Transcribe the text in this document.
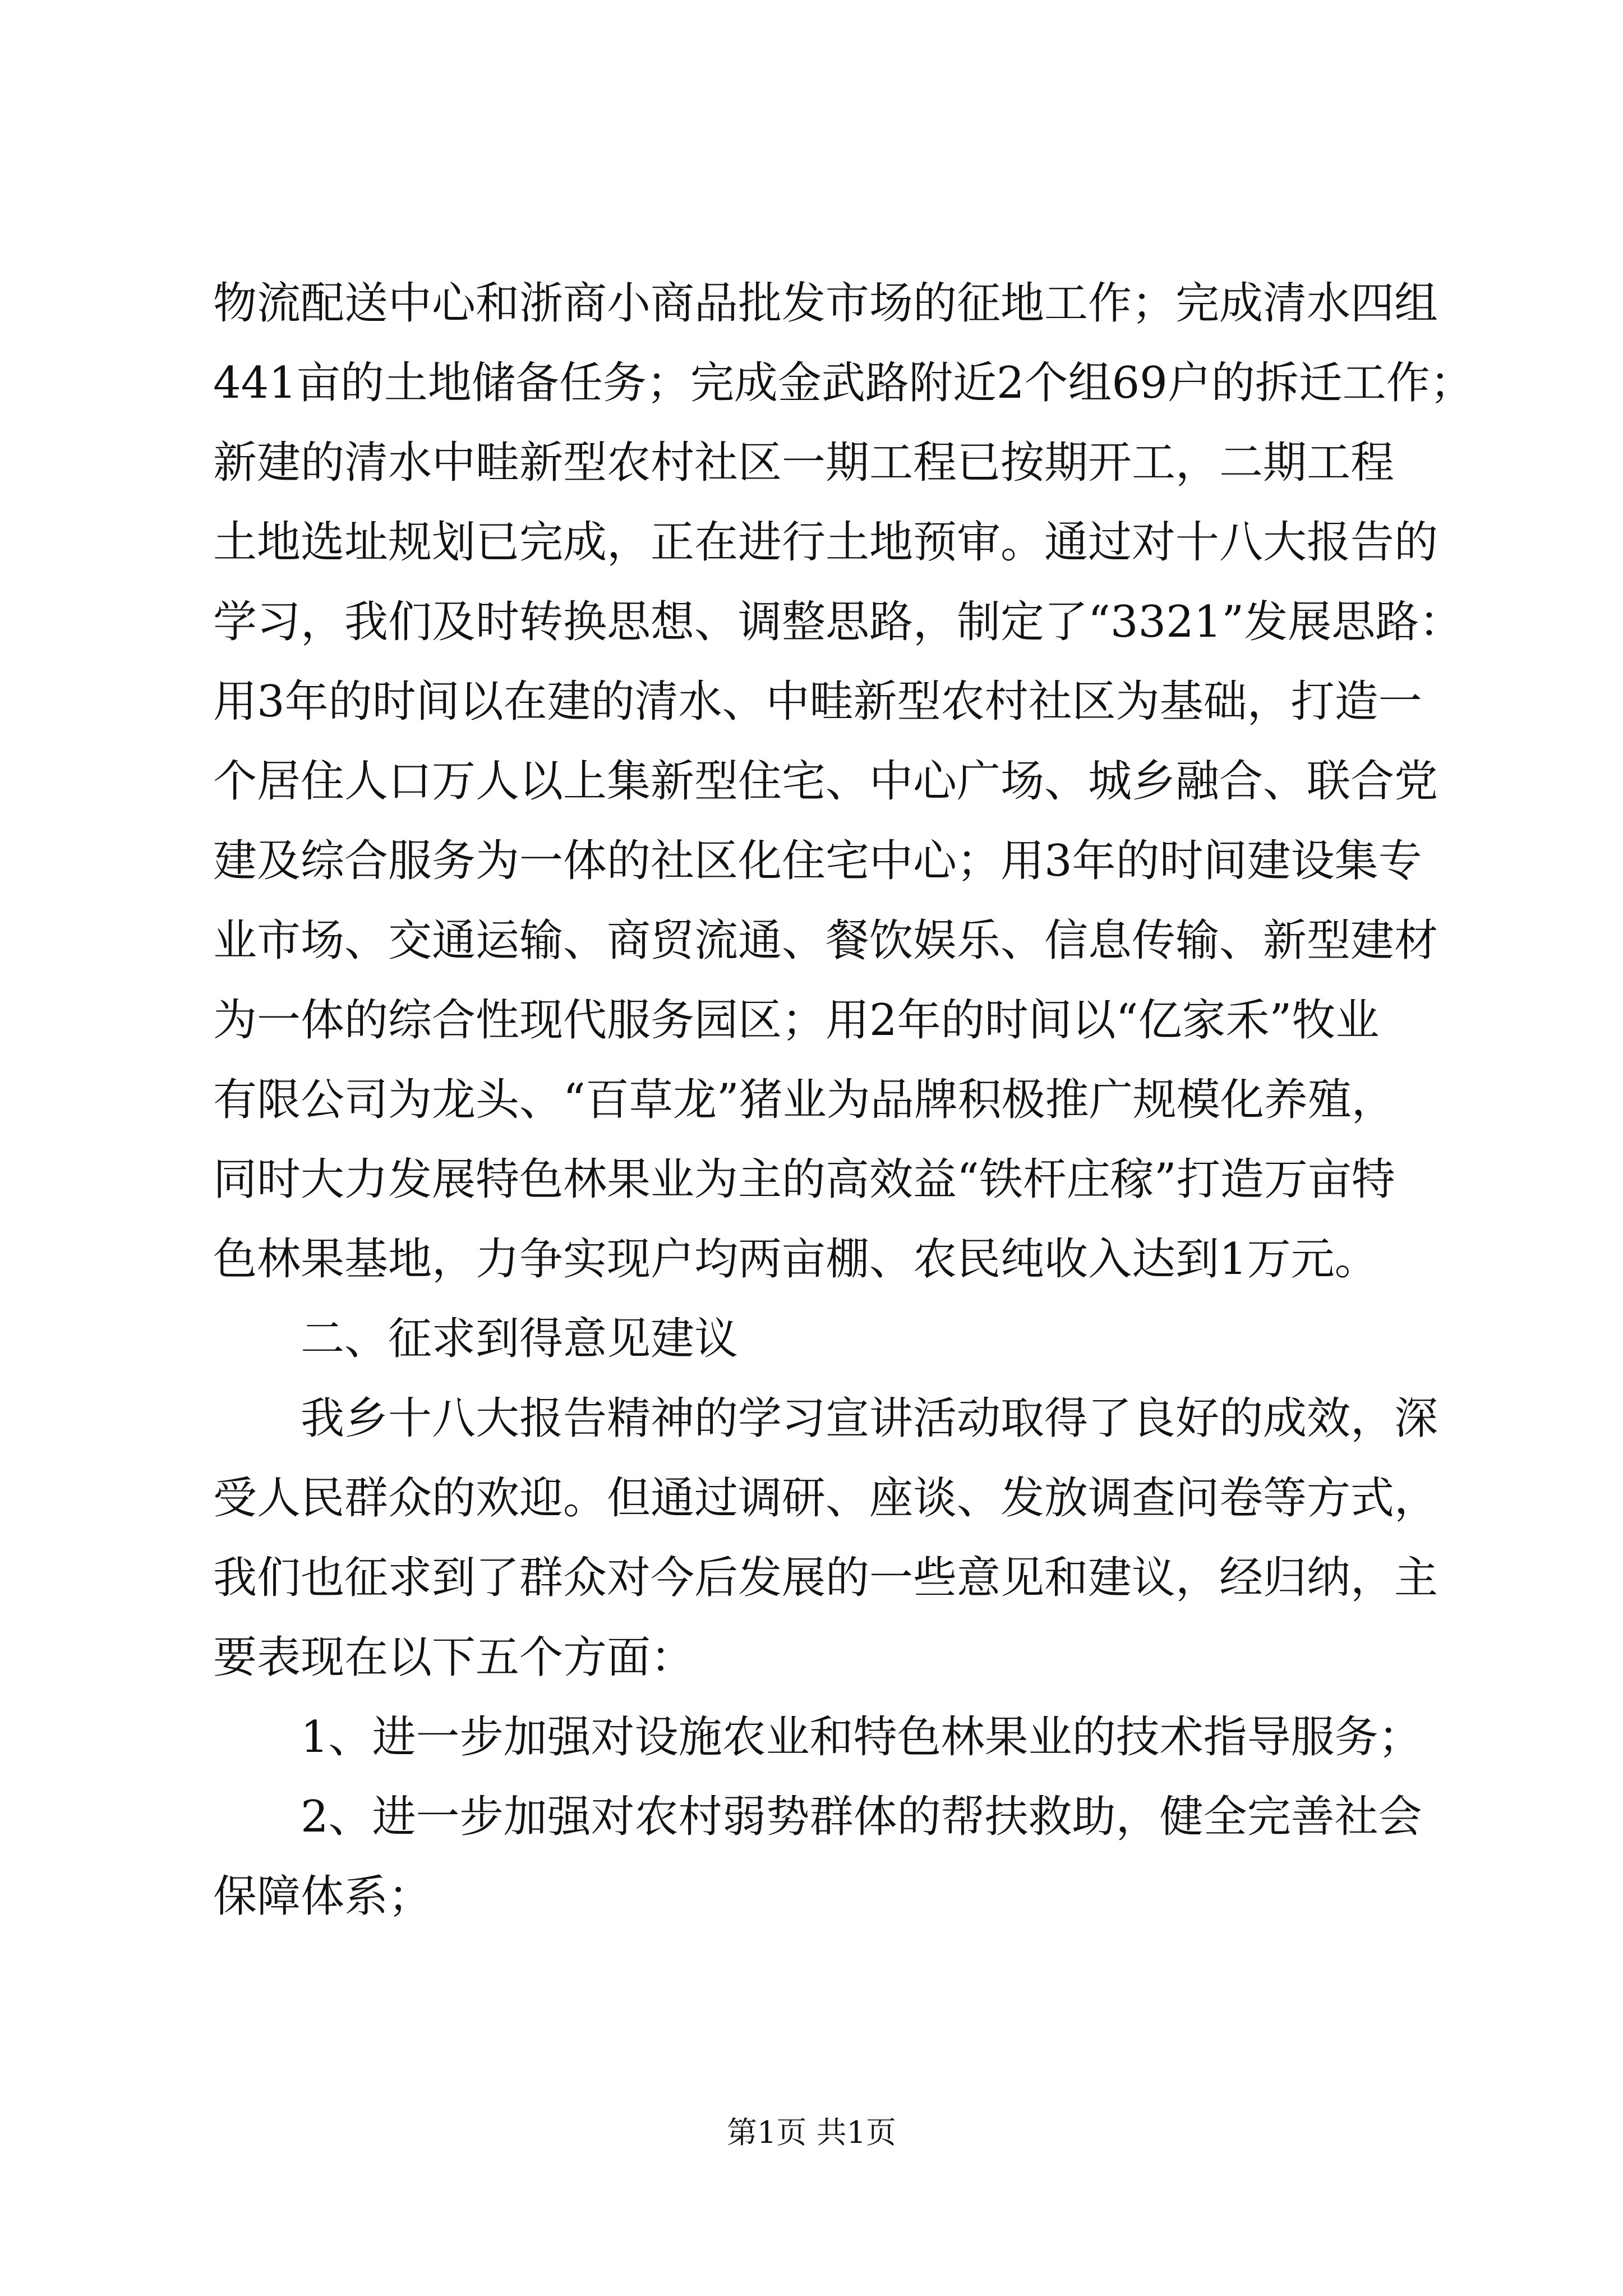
物流配送中心和浙商小商品批发市场的征地工作；完成清水四组
441亩的土地储备任务；完成金武路附近2个组69户的拆迁工作；
新建的清水中畦新型农村社区一期工程已按期开工，二期工程
土地选址规划已完成，正在进行土地预审。通过对十八大报告的
学习，我们及时转换思想、调整思路，制定了“3321”发展思路：
用3年的时间以在建的清水、中畦新型农村社区为基础，打造一
个居住人口万人以上集新型住宅、中心广场、城乡融合、联合党
建及综合服务为一体的社区化住宅中心；用3年的时间建设集专
业市场、交通运输、商贸流通、餐饮娱乐、信息传输、新型建材
为一体的综合性现代服务园区；用2年的时间以“亿家禾”牧业
有限公司为龙头、“百草龙”猪业为品牌积极推广规模化养殖，
同时大力发展特色林果业为主的高效益“铁杆庄稼”打造万亩特
色林果基地，力争实现户均两亩棚、农民纯收入达到1万元。
二、征求到得意见建议
我乡十八大报告精神的学习宣讲活动取得了良好的成效，深
受人民群众的欢迎。但通过调研、座谈、发放调查问卷等方式，
我们也征求到了群众对今后发展的一些意见和建议，经归纳，主
要表现在以下五个方面：
1、进一步加强对设施农业和特色林果业的技术指导服务；
2、进一步加强对农村弱势群体的帮扶救助，健全完善社会
保障体系；
第1页 共1页
